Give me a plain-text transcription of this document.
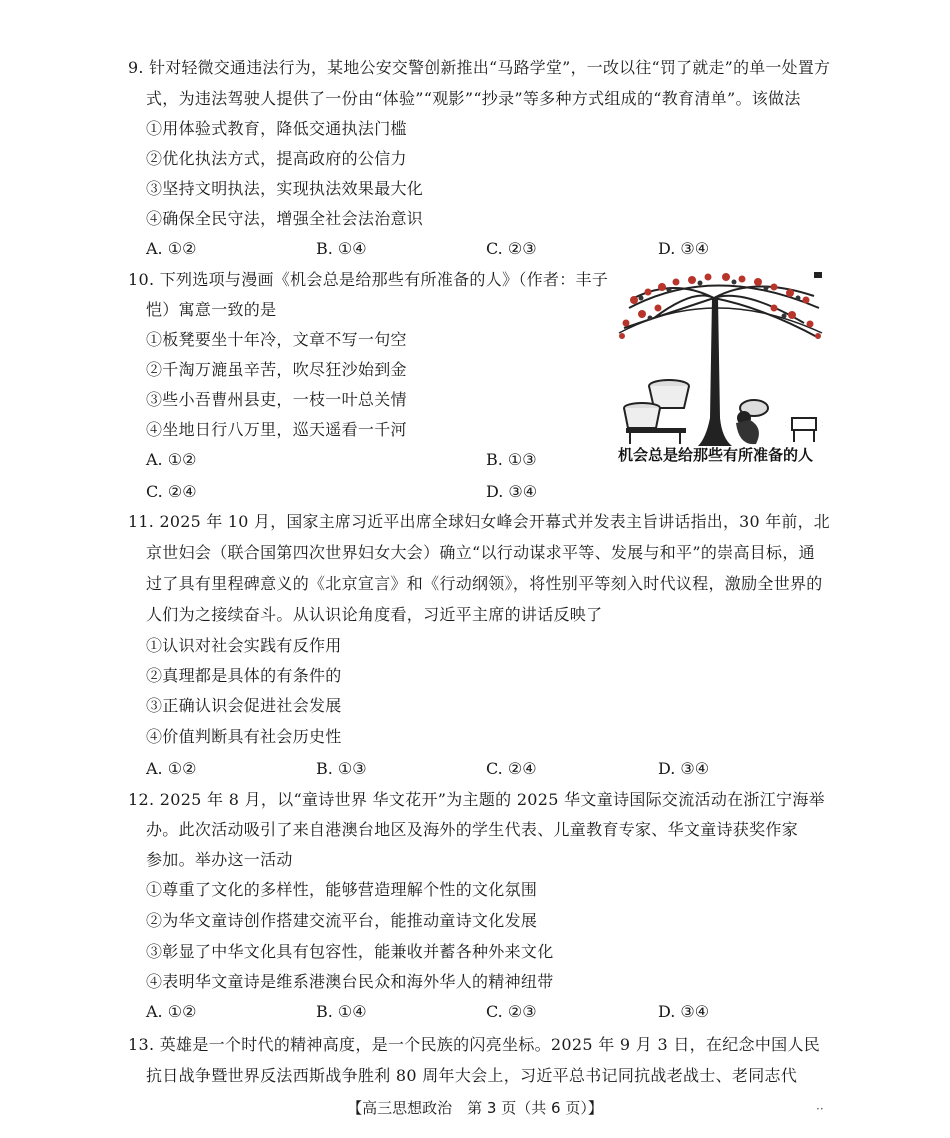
9. 针对轻微交通违法行为，某地公安交警创新推出“马路学堂”，一改以往“罚了就走”的单一处置方
式，为违法驾驶人提供了一份由“体验”“观影”“抄录”等多种方式组成的“教育清单”。该做法
①用体验式教育，降低交通执法门槛
②优化执法方式，提高政府的公信力
③坚持文明执法，实现执法效果最大化
④确保全民守法，增强全社会法治意识
A. ①②	B. ①④	C. ②③	D. ③④
10. 下列选项与漫画《机会总是给那些有所准备的人》（作者：丰子
恺）寓意一致的是
①板凳要坐十年冷，文章不写一句空
②千淘万漉虽辛苦，吹尽狂沙始到金
③些小吾曹州县吏，一枝一叶总关情
④坐地日行八万里，巡天遥看一千河
A. ①②	B. ①③
C. ②④	D. ③④
机会总是给那些有所准备的人
11. 2025 年 10 月，国家主席习近平出席全球妇女峰会开幕式并发表主旨讲话指出，30 年前，北
京世妇会（联合国第四次世界妇女大会）确立“以行动谋求平等、发展与和平”的崇高目标，通
过了具有里程碑意义的《北京宣言》和《行动纲领》，将性别平等刻入时代议程，激励全世界的
人们为之接续奋斗。从认识论角度看，习近平主席的讲话反映了
①认识对社会实践有反作用
②真理都是具体的有条件的
③正确认识会促进社会发展
④价值判断具有社会历史性
A. ①②	B. ①③	C. ②④	D. ③④
12. 2025 年 8 月，以“童诗世界 华文花开”为主题的 2025 华文童诗国际交流活动在浙江宁海举
办。此次活动吸引了来自港澳台地区及海外的学生代表、儿童教育专家、华文童诗获奖作家
参加。举办这一活动
①尊重了文化的多样性，能够营造理解个性的文化氛围
②为华文童诗创作搭建交流平台，能推动童诗文化发展
③彰显了中华文化具有包容性，能兼收并蓄各种外来文化
④表明华文童诗是维系港澳台民众和海外华人的精神纽带
A. ①②	B. ①④	C. ②③	D. ③④
13. 英雄是一个时代的精神高度，是一个民族的闪亮坐标。2025 年 9 月 3 日，在纪念中国人民
抗日战争暨世界反法西斯战争胜利 80 周年大会上，习近平总书记同抗战老战士、老同志代
【高三思想政治　第 3 页（共 6 页）】	··
